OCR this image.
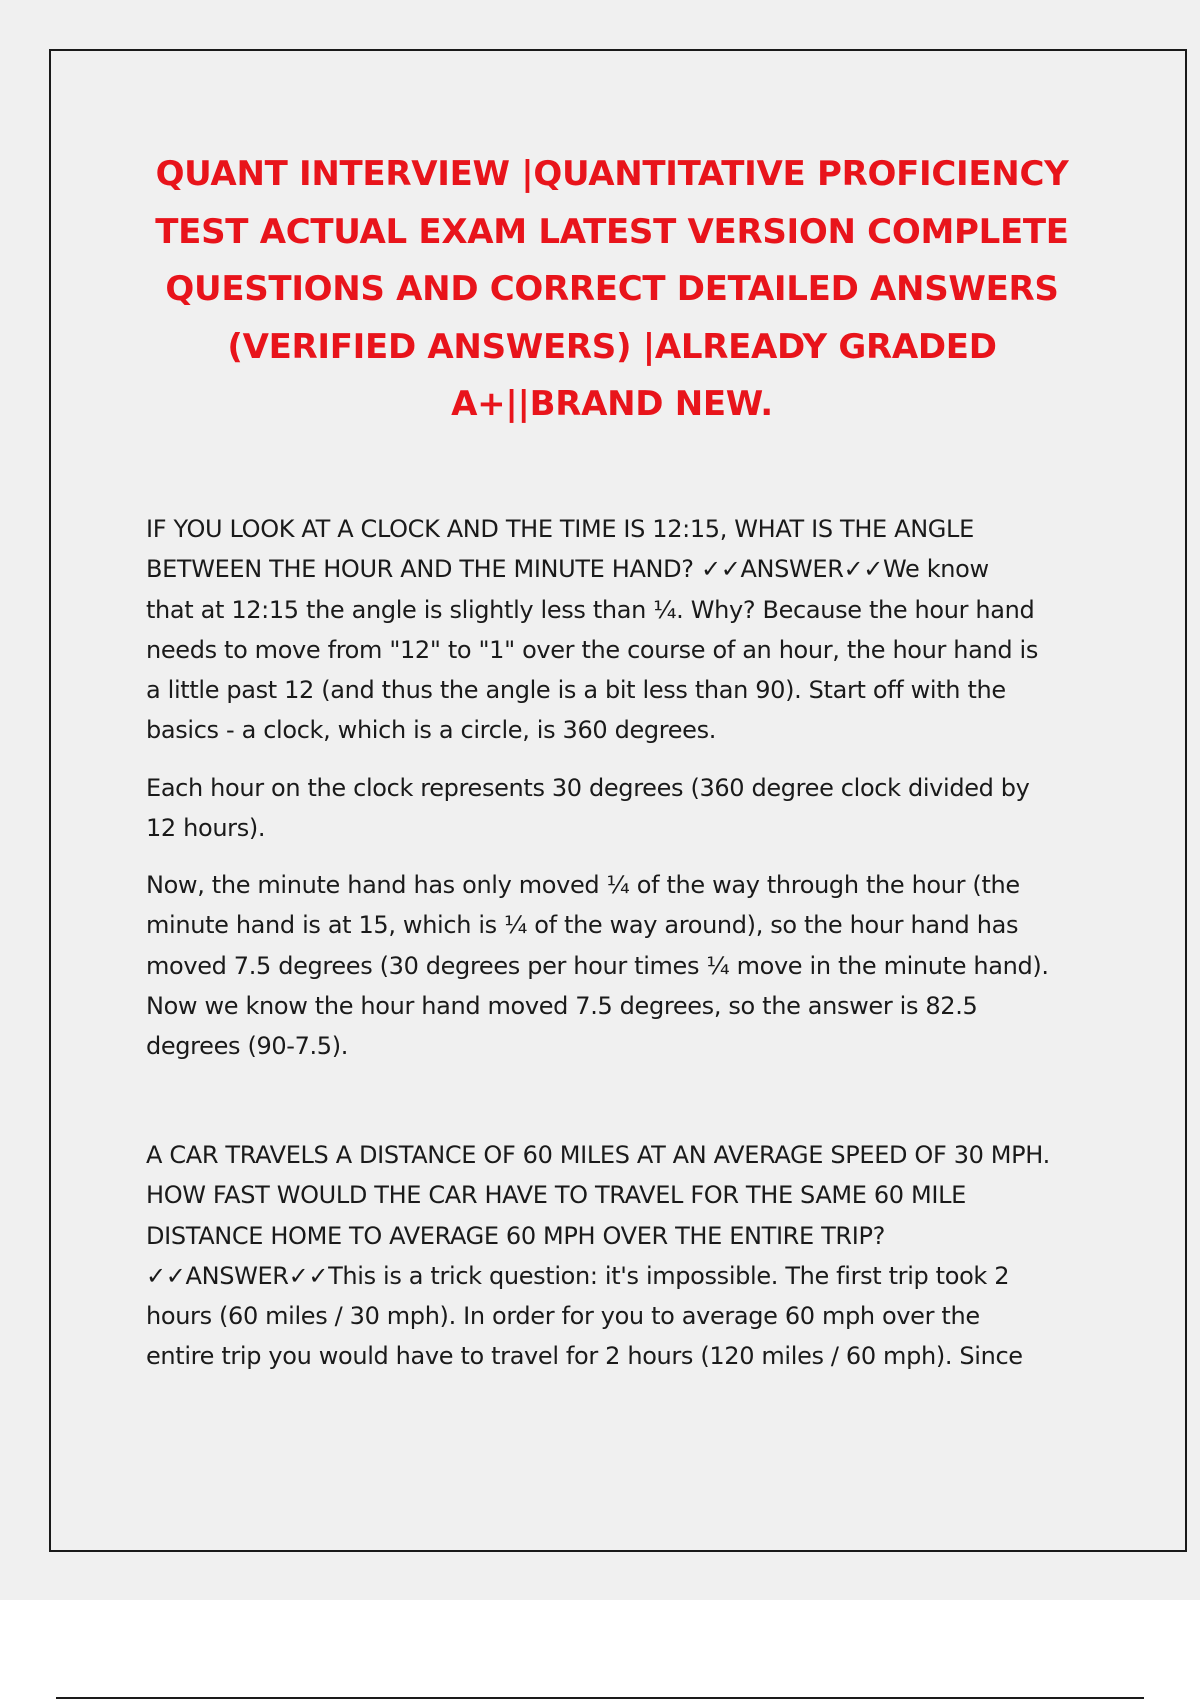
QUANT INTERVIEW |QUANTITATIVE PROFICIENCY
TEST ACTUAL EXAM LATEST VERSION COMPLETE
QUESTIONS AND CORRECT DETAILED ANSWERS
(VERIFIED ANSWERS) |ALREADY GRADED
A+||BRAND NEW.

IF YOU LOOK AT A CLOCK AND THE TIME IS 12:15, WHAT IS THE ANGLE
BETWEEN THE HOUR AND THE MINUTE HAND? ✓✓ANSWER✓✓We know
that at 12:15 the angle is slightly less than ¼. Why? Because the hour hand
needs to move from "12" to "1" over the course of an hour, the hour hand is
a little past 12 (and thus the angle is a bit less than 90). Start off with the
basics - a clock, which is a circle, is 360 degrees.

Each hour on the clock represents 30 degrees (360 degree clock divided by
12 hours).

Now, the minute hand has only moved ¼ of the way through the hour (the
minute hand is at 15, which is ¼ of the way around), so the hour hand has
moved 7.5 degrees (30 degrees per hour times ¼ move in the minute hand).
Now we know the hour hand moved 7.5 degrees, so the answer is 82.5
degrees (90-7.5).

A CAR TRAVELS A DISTANCE OF 60 MILES AT AN AVERAGE SPEED OF 30 MPH.
HOW FAST WOULD THE CAR HAVE TO TRAVEL FOR THE SAME 60 MILE
DISTANCE HOME TO AVERAGE 60 MPH OVER THE ENTIRE TRIP?
✓✓ANSWER✓✓This is a trick question: it's impossible. The first trip took 2
hours (60 miles / 30 mph). In order for you to average 60 mph over the
entire trip you would have to travel for 2 hours (120 miles / 60 mph). Since
